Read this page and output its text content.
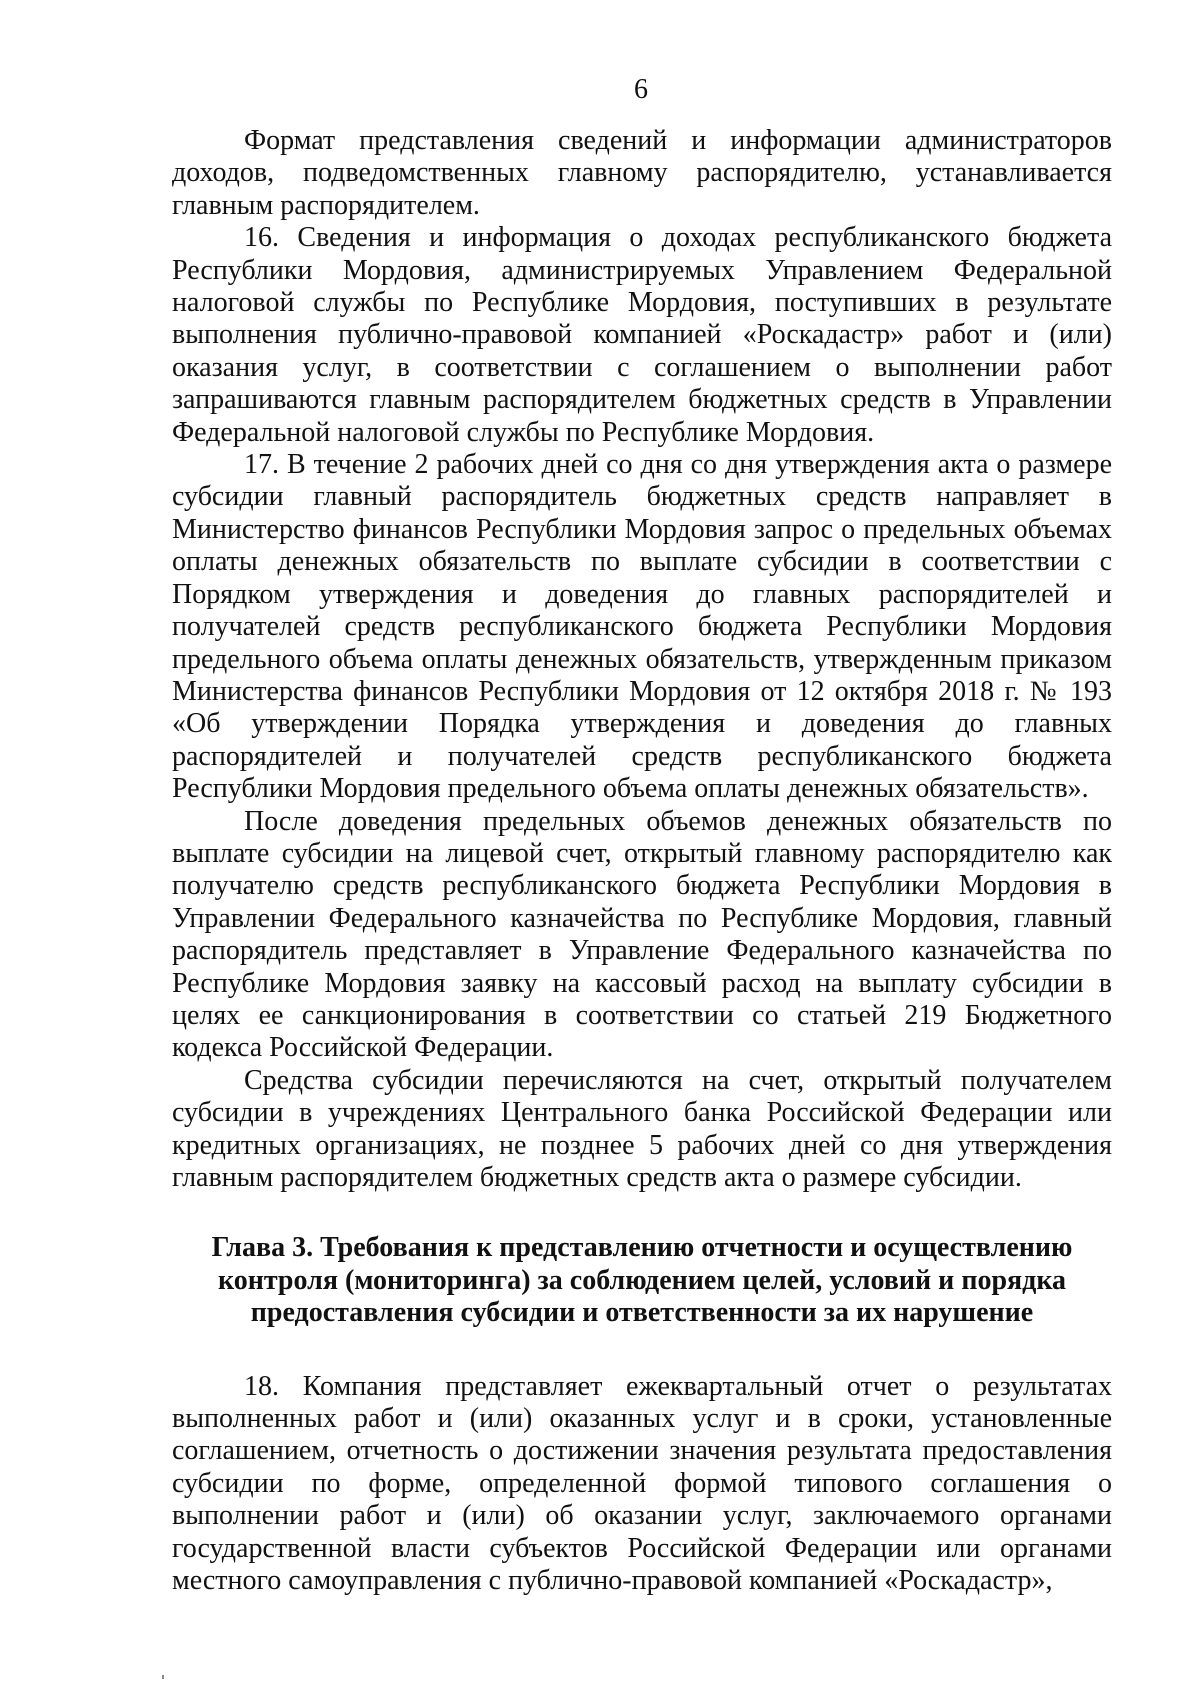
6

Формат представления сведений и информации администраторов доходов, подведомственных главному распорядителю, устанавливается главным распорядителем.

16. Сведения и информация о доходах республиканского бюджета Республики Мордовия, администрируемых Управлением Федеральной налоговой службы по Республике Мордовия, поступивших в результате выполнения публично-правовой компанией «Роскадастр» работ и (или) оказания услуг, в соответствии с соглашением о выполнении работ запрашиваются главным распорядителем бюджетных средств в Управлении Федеральной налоговой службы по Республике Мордовия.

17. В течение 2 рабочих дней со дня со дня утверждения акта о размере субсидии главный распорядитель бюджетных средств направляет в Министерство финансов Республики Мордовия запрос о предельных объемах оплаты денежных обязательств по выплате субсидии в соответствии с Порядком утверждения и доведения до главных распорядителей и получателей средств республиканского бюджета Республики Мордовия предельного объема оплаты денежных обязательств, утвержденным приказом Министерства финансов Республики Мордовия от 12 октября 2018 г. № 193 «Об утверждении Порядка утверждения и доведения до главных распорядителей и получателей средств республиканского бюджета Республики Мордовия предельного объема оплаты денежных обязательств».

После доведения предельных объемов денежных обязательств по выплате субсидии на лицевой счет, открытый главному распорядителю как получателю средств республиканского бюджета Республики Мордовия в Управлении Федерального казначейства по Республике Мордовия, главный распорядитель представляет в Управление Федерального казначейства по Республике Мордовия заявку на кассовый расход на выплату субсидии в целях ее санкционирования в соответствии со статьей 219 Бюджетного кодекса Российской Федерации.

Средства субсидии перечисляются на счет, открытый получателем субсидии в учреждениях Центрального банка Российской Федерации или кредитных организациях, не позднее 5 рабочих дней со дня утверждения главным распорядителем бюджетных средств акта о размере субсидии.

Глава 3. Требования к представлению отчетности и осуществлению контроля (мониторинга) за соблюдением целей, условий и порядка предоставления субсидии и ответственности за их нарушение

18. Компания представляет ежеквартальный отчет о результатах выполненных работ и (или) оказанных услуг и в сроки, установленные соглашением, отчетность о достижении значения результата предоставления субсидии по форме, определенной формой типового соглашения о выполнении работ и (или) об оказании услуг, заключаемого органами государственной власти субъектов Российской Федерации или органами местного самоуправления с публично-правовой компанией «Роскадастр»,
